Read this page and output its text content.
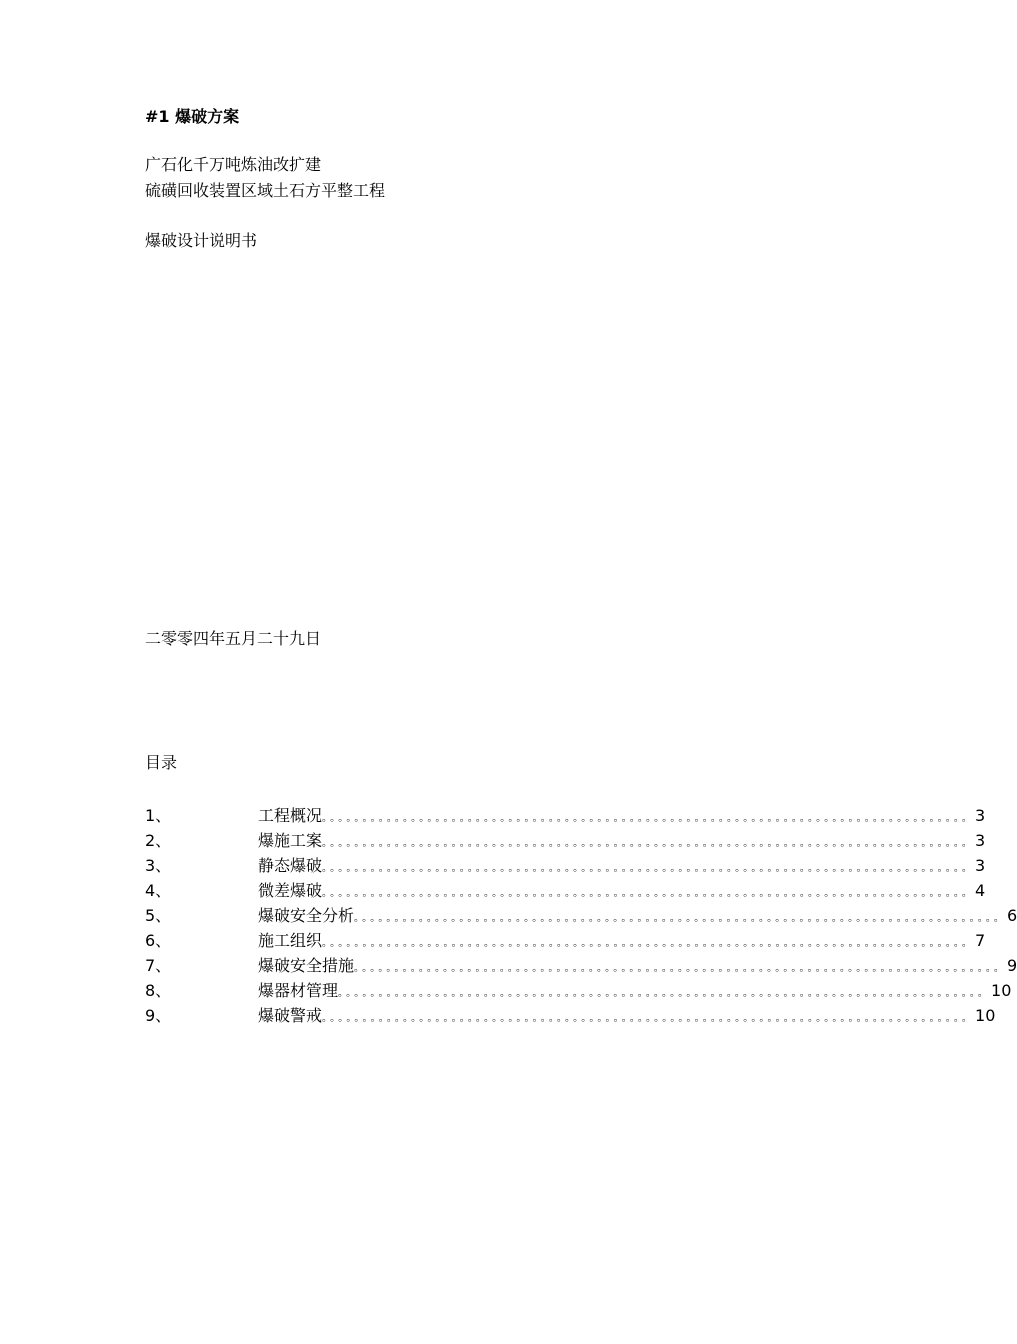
#1 爆破方案
广石化千万吨炼油改扩建
硫磺回收装置区域土石方平整工程
爆破设计说明书
二零零四年五月二十九日
目录
1、	工程概况 。。。。。。。。。。。。。。。。。。。。。。。。。。。。。。。。。。。。。。。。。。。。。。。。。。。。。。。。。。。。。。。。。。。。。。。。。。。。。。。。 3
2、	爆施工案 。。。。。。。。。。。。。。。。。。。。。。。。。。。。。。。。。。。。。。。。。。。。。。。。。。。。。。。。。。。。。。。。。。。。。。。。。。。。。。。。 3
3、	静态爆破 。。。。。。。。。。。。。。。。。。。。。。。。。。。。。。。。。。。。。。。。。。。。。。。。。。。。。。。。。。。。。。。。。。。。。。。。。。。。。。。。 3
4、	微差爆破 。。。。。。。。。。。。。。。。。。。。。。。。。。。。。。。。。。。。。。。。。。。。。。。。。。。。。。。。。。。。。。。。。。。。。。。。。。。。。。。。 4
5、	爆破安全分析 。。。。。。。。。。。。。。。。。。。。。。。。。。。。。。。。。。。。。。。。。。。。。。。。。。。。。。。。。。。。。。。。。。。。。。。。。。。。。。。。 6
6、	施工组织 。。。。。。。。。。。。。。。。。。。。。。。。。。。。。。。。。。。。。。。。。。。。。。。。。。。。。。。。。。。。。。。。。。。。。。。。。。。。。。。。 7
7、	爆破安全措施 。。。。。。。。。。。。。。。。。。。。。。。。。。。。。。。。。。。。。。。。。。。。。。。。。。。。。。。。。。。。。。。。。。。。。。。。。。。。。。。。 9
8、	爆器材管理 。。。。。。。。。。。。。。。。。。。。。。。。。。。。。。。。。。。。。。。。。。。。。。。。。。。。。。。。。。。。。。。。。。。。。。。。。。。。。。。。 10
9、	爆破警戒 。。。。。。。。。。。。。。。。。。。。。。。。。。。。。。。。。。。。。。。。。。。。。。。。。。。。。。。。。。。。。。。。。。。。。。。。。。。。。。。。 10
